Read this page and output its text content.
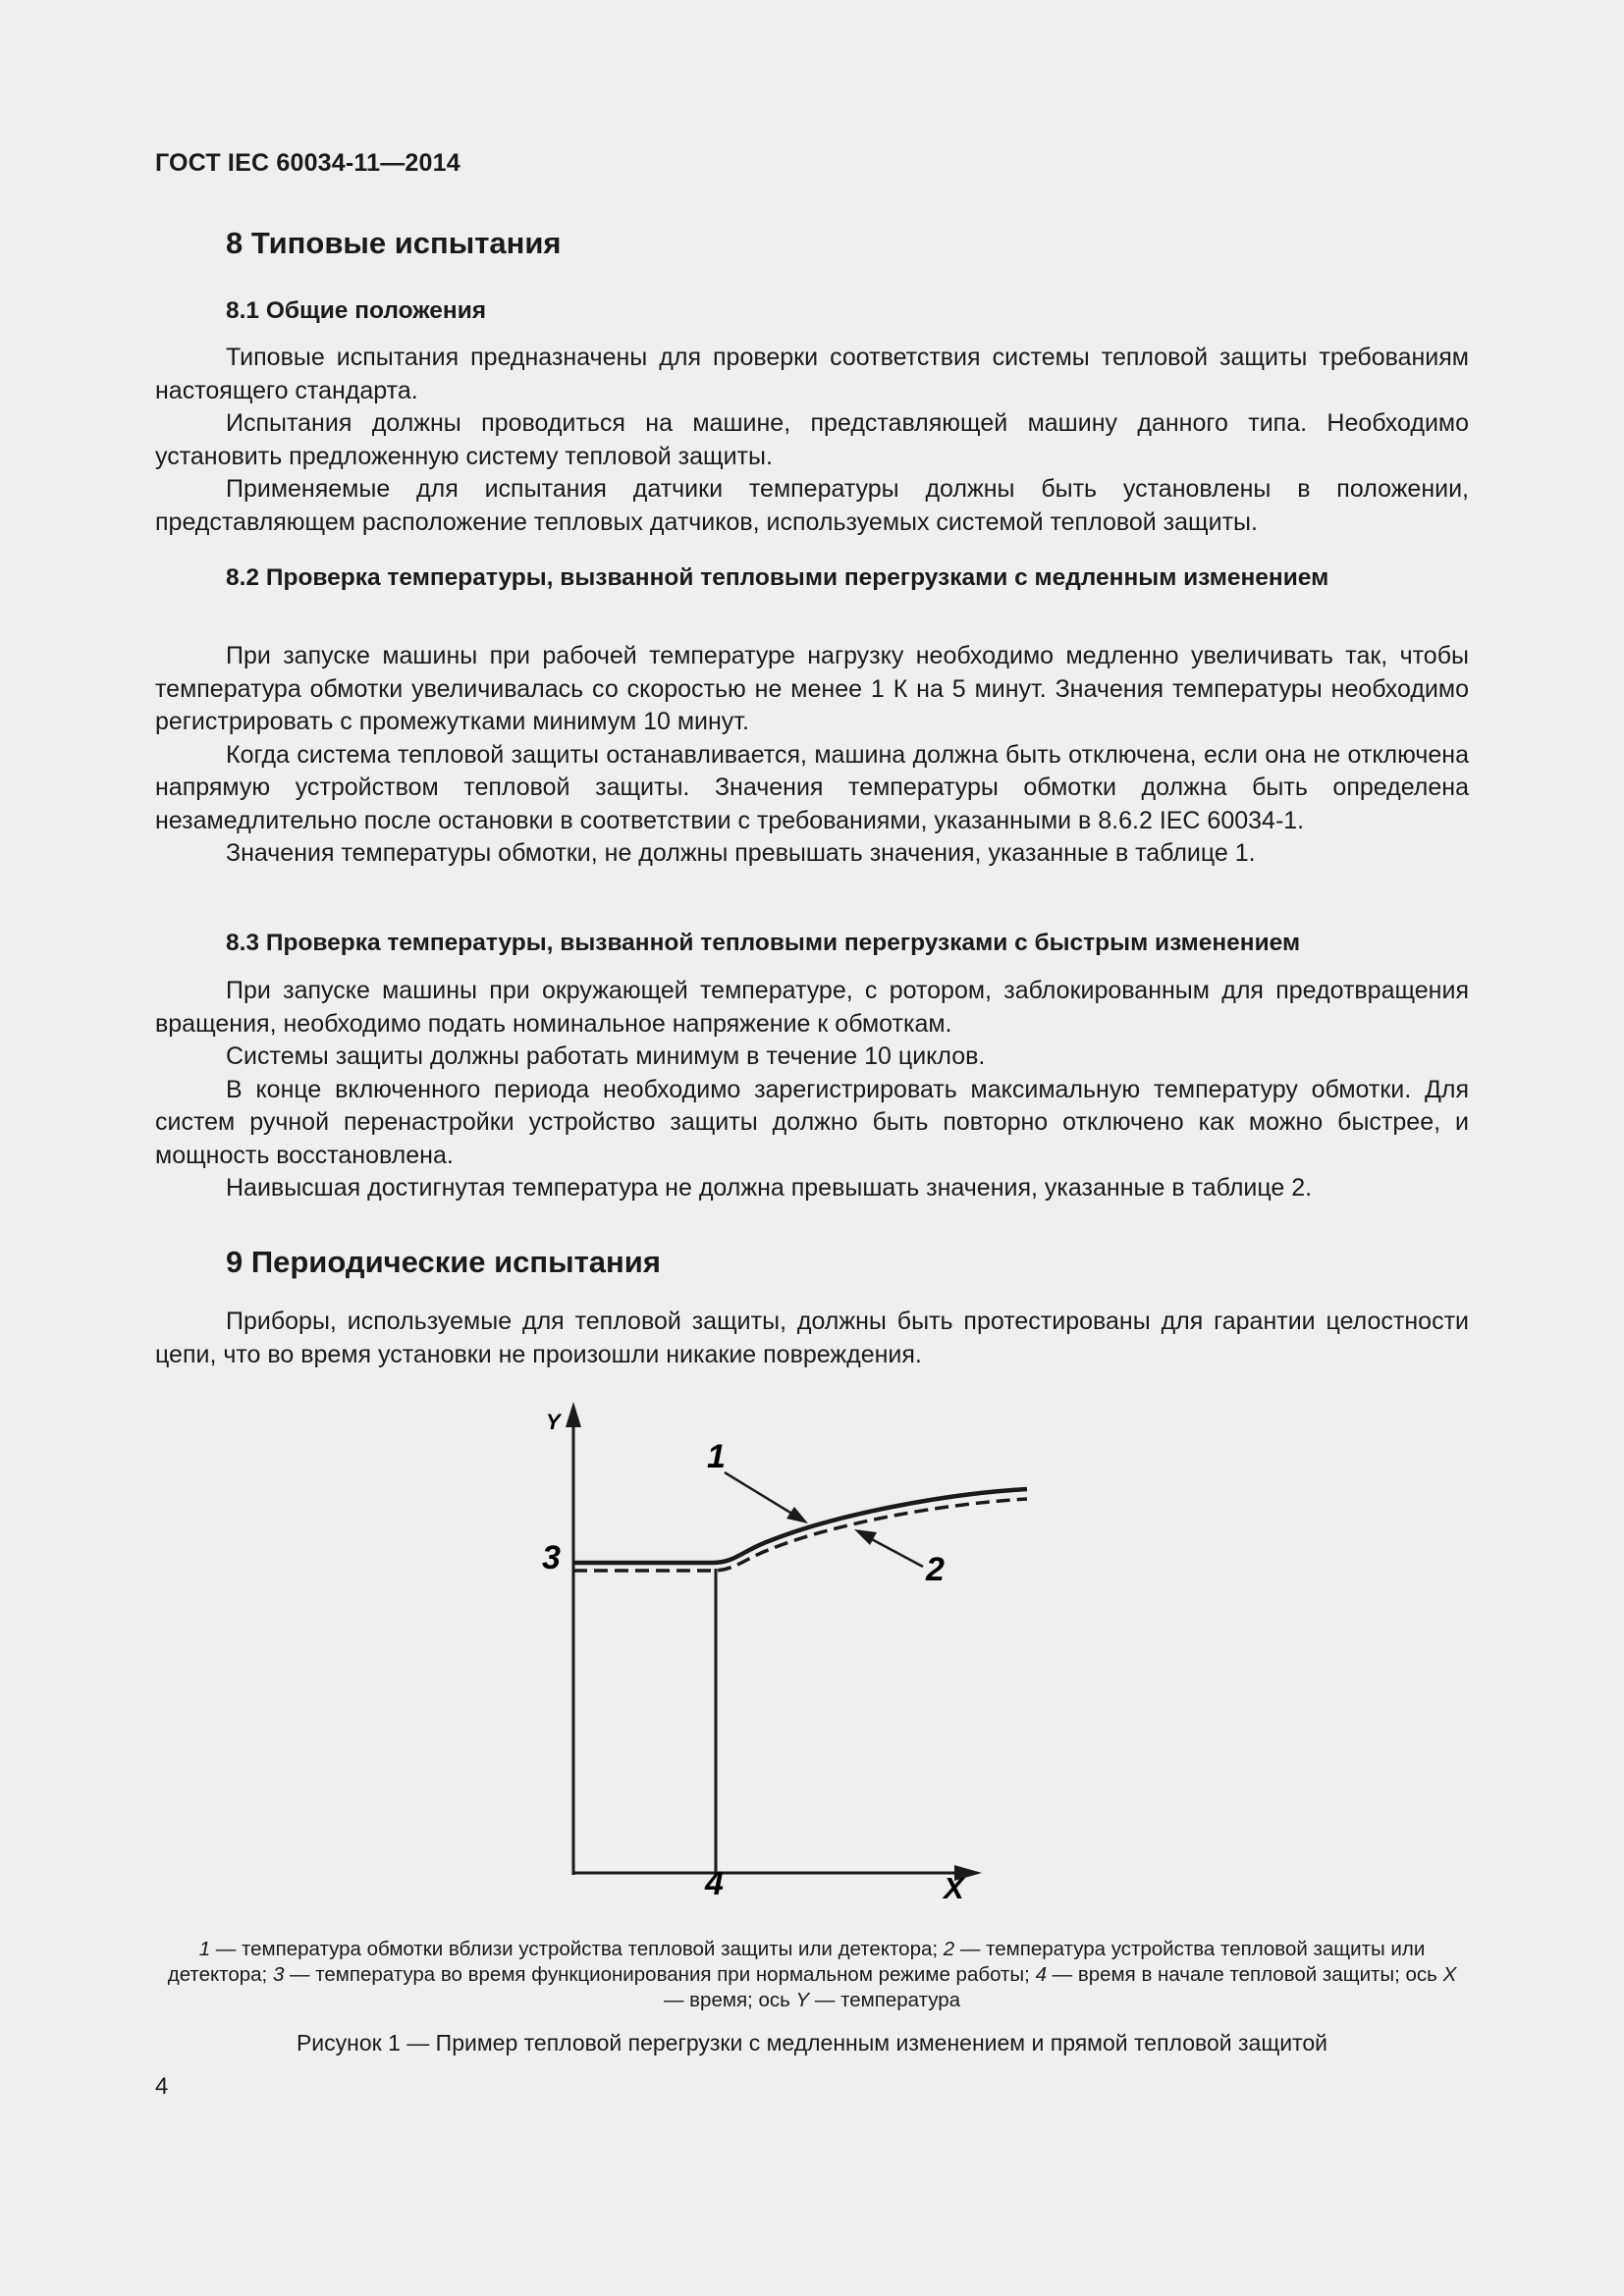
ГОСТ IEC 60034-11—2014
8 Типовые испытания
8.1 Общие положения

Типовые испытания предназначены для проверки соответствия системы тепловой защиты требованиям настоящего стандарта.

Испытания должны проводиться на машине, представляющей машину данного типа. Необходимо установить предложенную систему тепловой защиты.

Применяемые для испытания датчики температуры должны быть установлены в положении, представляющем расположение тепловых датчиков, используемых системой тепловой защиты.

8.2 Проверка температуры, вызванной тепловыми перегрузками с медленным изменением

При запуске машины при рабочей температуре нагрузку необходимо медленно увеличивать так, чтобы температура обмотки увеличивалась со скоростью не менее 1 К на 5 минут. Значения температуры необходимо регистрировать с промежутками минимум 10 минут.

Когда система тепловой защиты останавливается, машина должна быть отключена, если она не отключена напрямую устройством тепловой защиты. Значения температуры обмотки должна быть определена незамедлительно после остановки в соответствии с требованиями, указанными в 8.6.2 IEC 60034-1.

Значения температуры обмотки, не должны превышать значения, указанные в таблице 1.

8.3 Проверка температуры, вызванной тепловыми перегрузками с быстрым изменением

При запуске машины при окружающей температуре, с ротором, заблокированным для предотвращения вращения, необходимо подать номинальное напряжение к обмоткам.

Системы защиты должны работать минимум в течение 10 циклов.

В конце включенного периода необходимо зарегистрировать максимальную температуру обмотки. Для систем ручной перенастройки устройство защиты должно быть повторно отключено как можно быстрее, и мощность восстановлена.

Наивысшая достигнутая температура не должна превышать значения, указанные в таблице 2.

9 Периодические испытания

Приборы, используемые для тепловой защиты, должны быть протестированы для гарантии целостности цепи, что во время установки не произошли никакие повреждения.

Y
X
1
2
3
4
1 — температура обмотки вблизи устройства тепловой защиты или детектора; 2 — температура устройства тепловой защиты или детектора; 3 — температура во время функционирования при нормальном режиме работы; 4 — время в начале тепловой защиты; ось X — время; ось Y — температура
Рисунок 1 — Пример тепловой перегрузки с медленным изменением и прямой тепловой защитой
4
